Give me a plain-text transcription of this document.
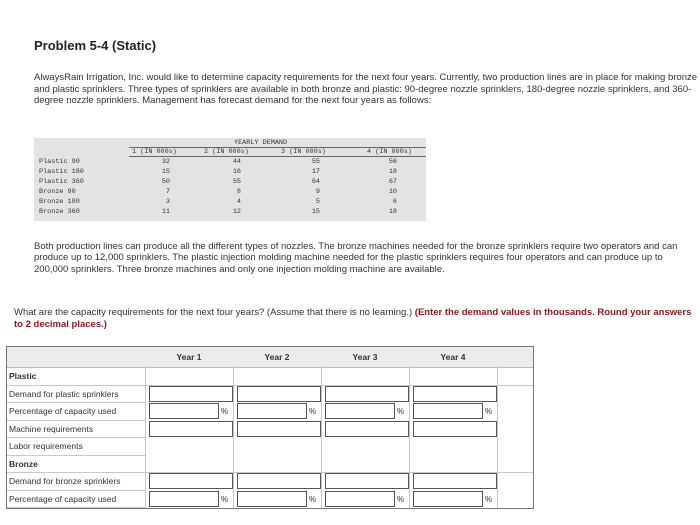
Problem 5-4 (Static)
AlwaysRain Irrigation, Inc. would like to determine capacity requirements for the next four years. Currently, two production lines are in place for making bronze and plastic sprinklers. Three types of sprinklers are available in both bronze and plastic: 90-degree nozzle sprinklers, 180-degree nozzle sprinklers, and 360-degree nozzle sprinklers. Management has forecast demand for the next four years as follows:
YEARLY DEMAND
1 (IN 000s)	2 (IN 000s)	3 (IN 000s)	4 (IN 000s)
Plastic 90	32	44	55	56
Plastic 180	15	16	17	18
Plastic 360	50	55	64	67
Bronze 90	7	8	9	10
Bronze 180	3	4	5	6
Bronze 360	11	12	15	18
Both production lines can produce all the different types of nozzles. The bronze machines needed for the bronze sprinklers require two operators and can produce up to 12,000 sprinklers. The plastic injection molding machine needed for the plastic sprinklers requires four operators and can produce up to 200,000 sprinklers. Three bronze machines and only one injection molding machine are available.
What are the capacity requirements for the next four years? (Assume that there is no learning.) (Enter the demand values in thousands. Round your answers to 2 decimal places.)
Year 1	Year 2	Year 3	Year 4
Plastic
Demand for plastic sprinklers
Percentage of capacity used	%	%	%	%
Machine requirements
Labor requirements
Bronze
Demand for bronze sprinklers
Percentage of capacity used	%	%	%	%
